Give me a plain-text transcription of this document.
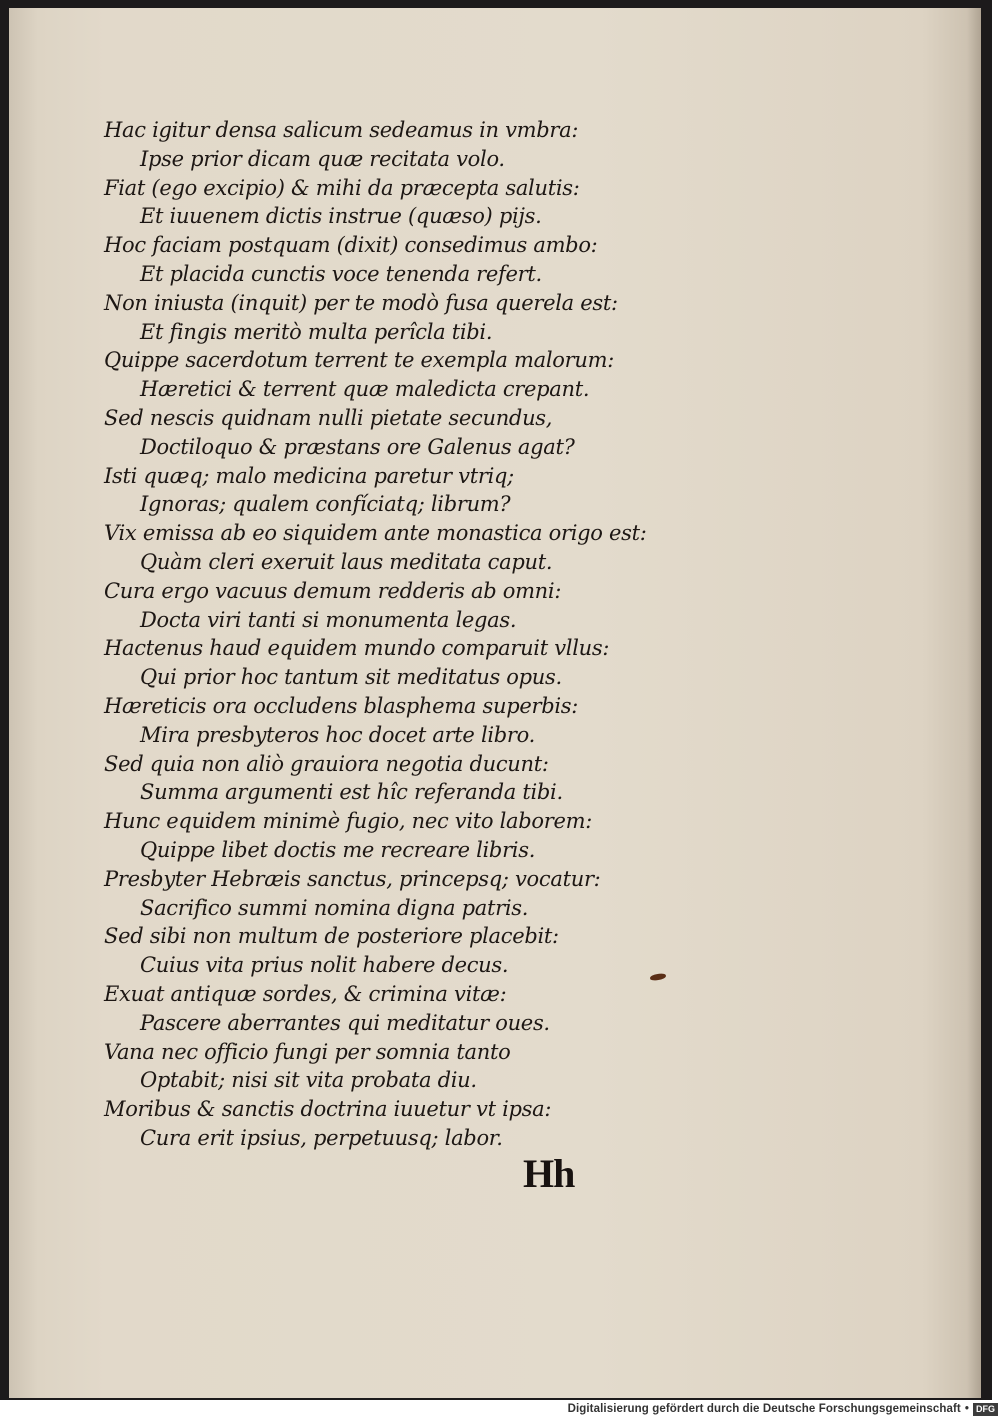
Hac igitur densa salicum sedeamus in vmbra:
Ipse prior dicam quæ recitata volo.
Fiat (ego excipio) & mihi da præcepta salutis:
Et iuuenem dictis instrue (quæso) pijs.
Hoc faciam postquam (dixit) consedimus ambo:
Et placida cunctis voce tenenda refert.
Non iniusta (inquit) per te modò fusa querela est:
Et fingis meritò multa perîcla tibi.
Quippe sacerdotum terrent te exempla malorum:
Hæretici & terrent quæ maledicta crepant.
Sed nescis quidnam nulli pietate secundus,
Doctiloquo & præstans ore Galenus agat?
Isti quæq; malo medicina paretur vtriq;
Ignoras; qualem confíciatq; librum?
Vix emissa ab eo siquidem ante monastica origo est:
Quàm cleri exeruit laus meditata caput.
Cura ergo vacuus demum redderis ab omni:
Docta viri tanti si monumenta legas.
Hactenus haud equidem mundo comparuit vllus:
Qui prior hoc tantum sit meditatus opus.
Hæreticis ora occludens blasphema superbis:
Mira presbyteros hoc docet arte libro.
Sed quia non aliò grauiora negotia ducunt:
Summa argumenti est hîc referanda tibi.
Hunc equidem minimè fugio, nec vito laborem:
Quippe libet doctis me recreare libris.
Presbyter Hebræis sanctus, princepsq; vocatur:
Sacrifico summi nomina digna patris.
Sed sibi non multum de posteriore placebit:
Cuius vita prius nolit habere decus.
Exuat antiquæ sordes, & crimina vitæ:
Pascere aberrantes qui meditatur oues.
Vana nec officio fungi per somnia tanto
Optabit; nisi sit vita probata diu.
Moribus & sanctis doctrina iuuetur vt ipsa:
Cura erit ipsius, perpetuusq; labor.
Hh
Digitalisierung gefördert durch die Deutsche Forschungsgemeinschaft • DFG
